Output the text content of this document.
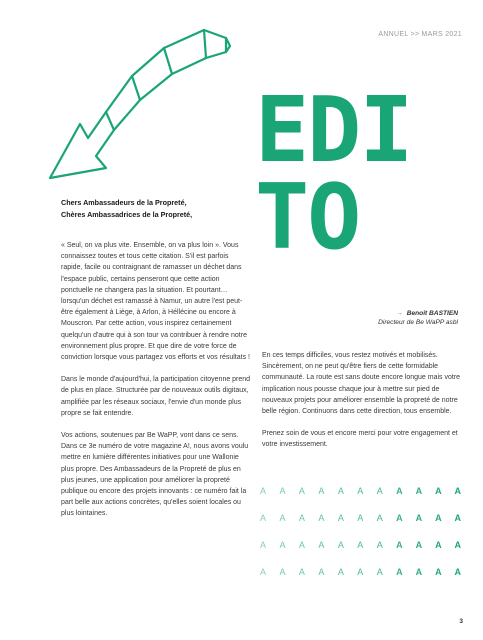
ANNUEL >> MARS 2021
EDI
TO

Chers Ambassadeurs de la Propreté,

Chères Ambassadrices de la Propreté,

« Seul, on va plus vite. Ensemble, on va plus loin ». Vous connaissez toutes et tous cette citation. S'il est parfois rapide, facile ou contraignant de ramasser un déchet dans l'espace public, certains penseront que cette action ponctuelle ne changera pas la situation. Et pourtant… lorsqu'un déchet est ramassé à Namur, un autre l'est peut-être également à Liège, à Arlon, à Héllécine ou encore à Mouscron. Par cette action, vous inspirez certainement quelqu'un d'autre qui à son tour va contribuer à rendre notre environnement plus propre. Et que dire de votre force de conviction lorsque vous partagez vos efforts et vos résultats !

Dans le monde d'aujourd'hui, la participation citoyenne prend de plus en place. Structurée par de nouveaux outils digitaux, amplifiée par les réseaux sociaux, l'envie d'un monde plus propre se fait entendre.

Vos actions, soutenues par Be WaPP, vont dans ce sens. Dans ce 3e numéro de votre magazine A!, nous avons voulu mettre en lumière différentes initiatives pour une Wallonie plus propre. Des Ambassadeurs de la Propreté de plus en plus jeunes, une application pour améliorer la propreté publique ou encore des projets innovants : ce numéro fait la part belle aux actions concrètes, qu'elles soient locales ou plus lointaines.

→ Benoît BASTIEN
Directeur de Be WaPP asbl

En ces temps difficiles, vous restez motivés et mobilisés. Sincèrement, on ne peut qu'être fiers de cette formidable communauté. La route est sans doute encore longue mais votre implication nous pousse chaque jour à mettre sur pied de nouveaux projets pour améliorer ensemble la propreté de notre belle région. Continuons dans cette direction, tous ensemble.

Prenez soin de vous et encore merci pour votre engagement et votre investissement.

A	A	A	A	A	A	A	A	A	A	A
A	A	A	A	A	A	A	A	A	A	A
A	A	A	A	A	A	A	A	A	A	A
A	A	A	A	A	A	A	A	A	A	A
3
